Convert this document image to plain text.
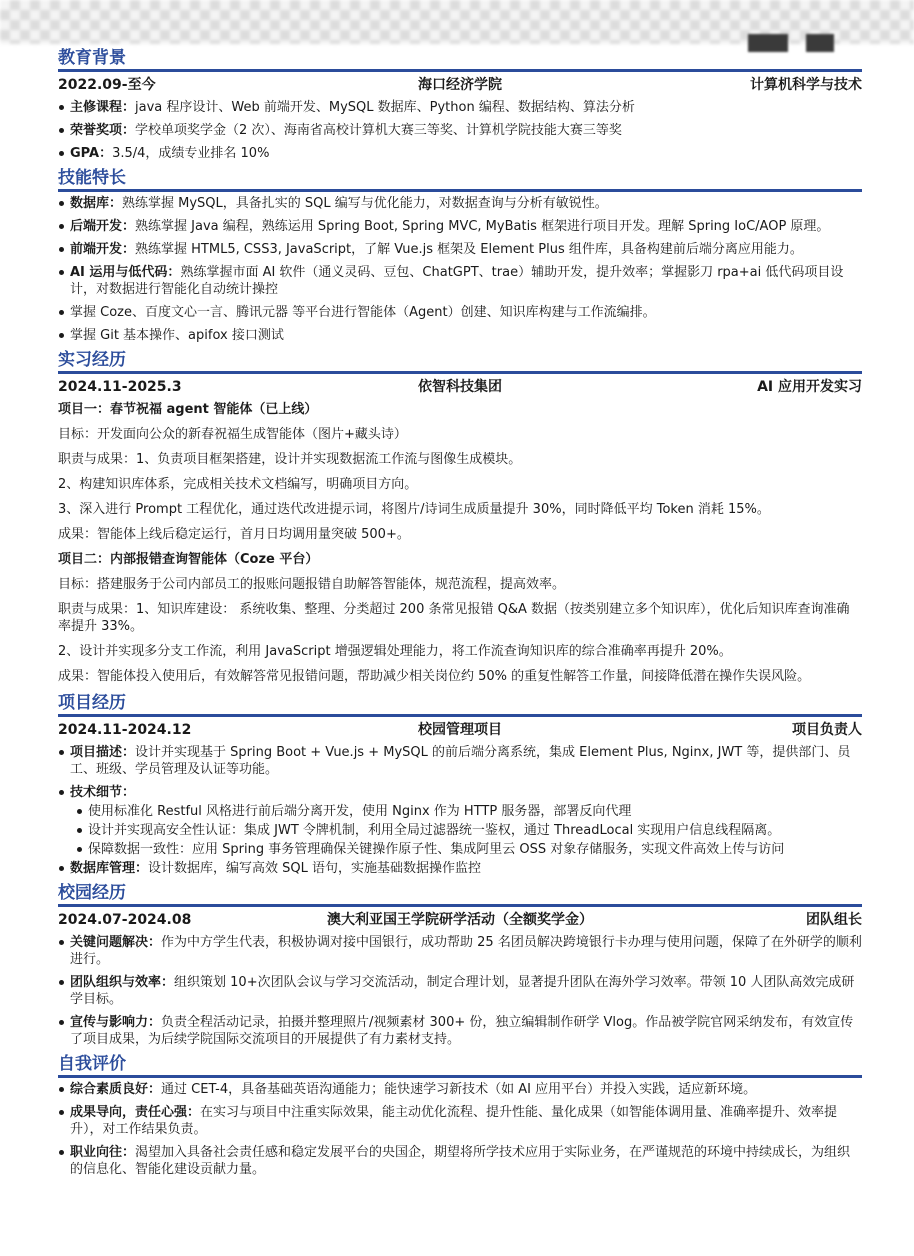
教育背景
2022.09-至今	海口经济学院	计算机科学与技术
主修课程：java 程序设计、Web 前端开发、MySQL 数据库、Python 编程、数据结构、算法分析
荣誉奖项：学校单项奖学金（2 次）、海南省高校计算机大赛三等奖、计算机学院技能大赛三等奖
GPA：3.5/4，成绩专业排名 10%
技能特长
数据库：熟练掌握 MySQL，具备扎实的 SQL 编写与优化能力，对数据查询与分析有敏锐性。
后端开发：熟练掌握 Java 编程，熟练运用 Spring Boot, Spring MVC, MyBatis 框架进行项目开发。理解 Spring IoC/AOP 原理。
前端开发：熟练掌握 HTML5, CSS3, JavaScript，了解 Vue.js 框架及 Element Plus 组件库，具备构建前后端分离应用能力。
AI 运用与低代码：熟练掌握市面 AI 软件（通义灵码、豆包、ChatGPT、trae）辅助开发，提升效率；掌握影刀 rpa+ai 低代码项目设计，对数据进行智能化自动统计操控
掌握 Coze、百度文心一言、腾讯元器 等平台进行智能体（Agent）创建、知识库构建与工作流编排。
掌握 Git 基本操作、apifox 接口测试
实习经历
2024.11-2025.3	依智科技集团	AI 应用开发实习
项目一：春节祝福 agent 智能体（已上线）
目标：开发面向公众的新春祝福生成智能体（图片+藏头诗）
职责与成果：1、负责项目框架搭建，设计并实现数据流工作流与图像生成模块。
2、构建知识库体系，完成相关技术文档编写，明确项目方向。
3、深入进行 Prompt 工程优化，通过迭代改进提示词，将图片/诗词生成质量提升 30%，同时降低平均 Token 消耗 15%。
成果：智能体上线后稳定运行，首月日均调用量突破 500+。
项目二：内部报错查询智能体（Coze 平台）
目标：搭建服务于公司内部员工的报账问题报错自助解答智能体，规范流程，提高效率。
职责与成果：1、知识库建设： 系统收集、整理、分类超过 200 条常见报错 Q&A 数据（按类别建立多个知识库），优化后知识库查询准确率提升 33%。
2、设计并实现多分支工作流，利用 JavaScript 增强逻辑处理能力，将工作流查询知识库的综合准确率再提升 20%。
成果：智能体投入使用后，有效解答常见报错问题，帮助减少相关岗位约 50% 的重复性解答工作量，间接降低潜在操作失误风险。
项目经历
2024.11-2024.12	校园管理项目	项目负责人
项目描述：设计并实现基于 Spring Boot + Vue.js + MySQL 的前后端分离系统，集成 Element Plus, Nginx, JWT 等，提供部门、员工、班级、学员管理及认证等功能。
技术细节：
使用标准化 Restful 风格进行前后端分离开发，使用 Nginx 作为 HTTP 服务器，部署反向代理
设计并实现高安全性认证：集成 JWT 令牌机制，利用全局过滤器统一鉴权，通过 ThreadLocal 实现用户信息线程隔离。
保障数据一致性：应用 Spring 事务管理确保关键操作原子性、集成阿里云 OSS 对象存储服务，实现文件高效上传与访问
数据库管理：设计数据库，编写高效 SQL 语句，实施基础数据操作监控
校园经历
2024.07-2024.08	澳大利亚国王学院研学活动（全额奖学金）	团队组长
关键问题解决：作为中方学生代表，积极协调对接中国银行，成功帮助 25 名团员解决跨境银行卡办理与使用问题，保障了在外研学的顺利进行。
团队组织与效率：组织策划 10+次团队会议与学习交流活动，制定合理计划，显著提升团队在海外学习效率。带领 10 人团队高效完成研学目标。
宣传与影响力：负责全程活动记录，拍摄并整理照片/视频素材 300+ 份，独立编辑制作研学 Vlog。作品被学院官网采纳发布，有效宣传了项目成果，为后续学院国际交流项目的开展提供了有力素材支持。
自我评价
综合素质良好：通过 CET-4，具备基础英语沟通能力；能快速学习新技术（如 AI 应用平台）并投入实践，适应新环境。
成果导向，责任心强：在实习与项目中注重实际效果，能主动优化流程、提升性能、量化成果（如智能体调用量、准确率提升、效率提升），对工作结果负责。
职业向往：渴望加入具备社会责任感和稳定发展平台的央国企，期望将所学技术应用于实际业务，在严谨规范的环境中持续成长，为组织的信息化、智能化建设贡献力量。
